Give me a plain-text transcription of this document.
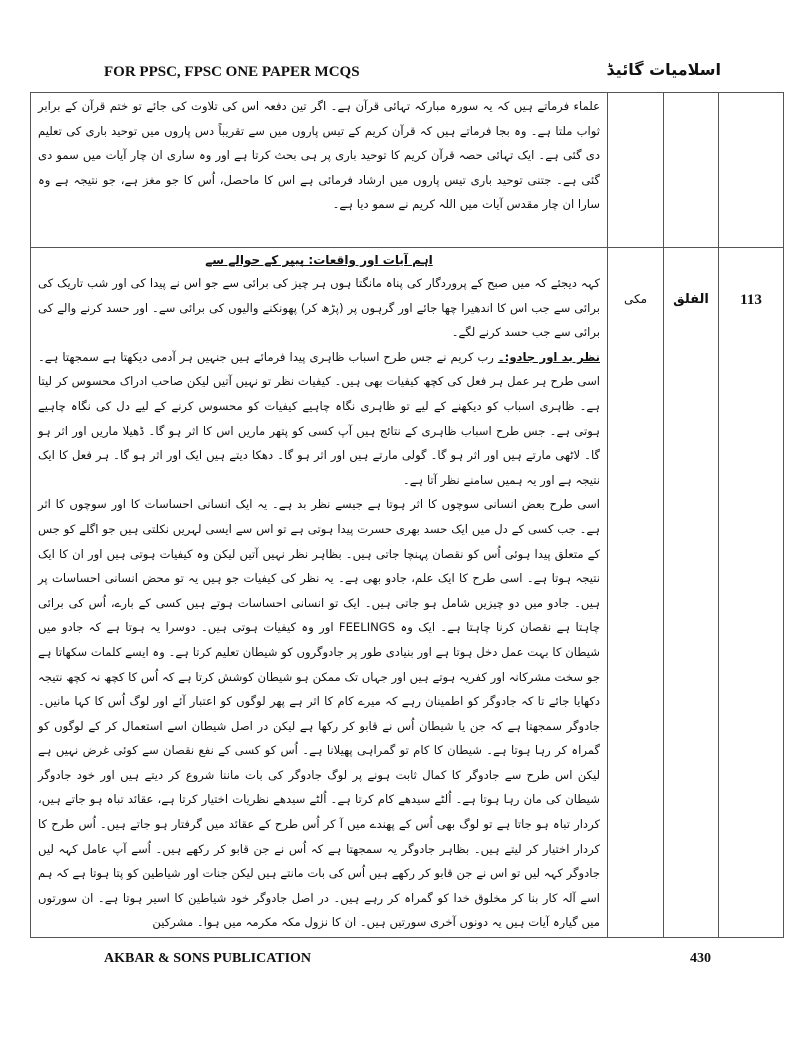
FOR PPSC, FPSC ONE PAPER MCQS	اسلامیات گائیڈ

			علماء فرماتے ہیں کہ یہ سورہ مبارکہ تہائی قرآن ہے۔ اگر تین دفعہ اس کی تلاوت کی جائے تو ختم قرآن کے برابر ثواب ملتا ہے۔ وہ بجا فرماتے ہیں کہ قرآن کریم کے تیس پاروں میں سے تقریباً دس پاروں میں توحید باری کی تعلیم دی گئی ہے۔ ایک تہائی حصہ قرآن کریم کا توحید باری پر ہی بحث کرتا ہے اور وہ ساری ان چار آیات میں سمو دی گئی ہے۔ جتنی توحید باری تیس پاروں میں ارشاد فرمائی ہے اس کا ماحصل، اُس کا جو مغز ہے، جو نتیجہ ہے وہ سارا ان چار مقدس آیات میں اللہ کریم نے سمو دیا ہے۔

113	الفلق	مکی	اہم آیات اور واقعات: پیپر کے حوالے سے

کہہ دیجئے کہ میں صبح کے پروردگار کی پناہ مانگتا ہوں ہر چیز کی برائی سے جو اس نے پیدا کی اور شب تاریک کی برائی سے جب اس کا اندھیرا چھا جائے اور گرہوں پر (پڑھ کر) پھونکنے والیوں کی برائی سے۔ اور حسد کرنے والے کی برائی سے جب حسد کرنے لگے۔

نظر بد اور جادو:۔ رب کریم نے جس طرح اسباب ظاہری پیدا فرمائے ہیں جنہیں ہر آدمی دیکھتا ہے سمجھتا ہے۔ اسی طرح ہر عمل ہر فعل کی کچھ کیفیات بھی ہیں۔ کیفیات نظر تو نہیں آتیں لیکن صاحب ادراک محسوس کر لیتا ہے۔ ظاہری اسباب کو دیکھنے کے لیے تو ظاہری نگاہ چاہیے کیفیات کو محسوس کرنے کے لیے دل کی نگاہ چاہیے ہوتی ہے۔ جس طرح اسباب ظاہری کے نتائج ہیں آپ کسی کو پتھر ماریں اس کا اثر ہو گا۔ ڈھیلا ماریں اور اثر ہو گا۔ لاٹھی مارتے ہیں اور اثر ہو گا۔ گولی مارتے ہیں اور اثر ہو گا۔ دھکا دیتے ہیں ایک اور اثر ہو گا۔ ہر فعل کا ایک نتیجہ ہے اور یہ ہمیں سامنے نظر آتا ہے۔

اسی طرح بعض انسانی سوچوں کا اثر ہوتا ہے جیسے نظر بد ہے۔ یہ ایک انسانی احساسات کا اور سوچوں کا اثر ہے۔ جب کسی کے دل میں ایک حسد بھری حسرت پیدا ہوتی ہے تو اس سے ایسی لہریں نکلتی ہیں جو اگلے کو جس کے متعلق پیدا ہوئی اُس کو نقصان پہنچا جاتی ہیں۔ بظاہر نظر نہیں آتیں لیکن وہ کیفیات ہوتی ہیں اور ان کا ایک نتیجہ ہوتا ہے۔ اسی طرح کا ایک علم، جادو بھی ہے۔ یہ نظر کی کیفیات جو ہیں یہ تو محض انسانی احساسات پر ہیں۔ جادو میں دو چیزیں شامل ہو جاتی ہیں۔ ایک تو انسانی احساسات ہوتے ہیں کسی کے بارے، اُس کی برائی چاہتا ہے نقصان کرنا چاہتا ہے۔ ایک وہ FEELINGS اور وہ کیفیات ہوتی ہیں۔ دوسرا یہ ہوتا ہے کہ جادو میں شیطان کا بہت عمل دخل ہوتا ہے اور بنیادی طور پر جادوگروں کو شیطان تعلیم کرتا ہے۔ وہ ایسے کلمات سکھاتا ہے جو سخت مشرکانہ اور کفریہ ہوتے ہیں اور جہاں تک ممکن ہو شیطان کوشش کرتا ہے کہ اُس کا کچھ نہ کچھ نتیجہ دکھایا جائے تا کہ جادوگر کو اطمینان رہے کہ میرے کام کا اثر ہے پھر لوگوں کو اعتبار آئے اور لوگ اُس کا کہا مانیں۔ جادوگر سمجھتا ہے کہ جن یا شیطان اُس نے قابو کر رکھا ہے لیکن در اصل شیطان اسے استعمال کر کے لوگوں کو گمراہ کر رہا ہوتا ہے۔ شیطان کا کام تو گمراہی پھیلانا ہے۔ اُس کو کسی کے نفع نقصان سے کوئی غرض نہیں ہے لیکن اس طرح سے جادوگر کا کمال ثابت ہونے پر لوگ جادوگر کی بات ماننا شروع کر دیتے ہیں اور خود جادوگر شیطان کی مان رہا ہوتا ہے۔ اُلٹے سیدھے کام کرتا ہے۔ اُلٹے سیدھے نظریات اختیار کرتا ہے، عقائد تباہ ہو جاتے ہیں، کردار تباہ ہو جاتا ہے تو لوگ بھی اُس کے پھندے میں آ کر اُس طرح کے عقائد میں گرفتار ہو جاتے ہیں۔ اُس طرح کا کردار اختیار کر لیتے ہیں۔ بظاہر جادوگر یہ سمجھتا ہے کہ اُس نے جن قابو کر رکھے ہیں۔ اُسے آپ عامل کہہ لیں جادوگر کہہ لیں تو اس نے جن قابو کر رکھے ہیں اُس کی بات مانتے ہیں لیکن جنات اور شیاطین کو پتا ہوتا ہے کہ ہم اسے آلہ کار بنا کر مخلوق خدا کو گمراہ کر رہے ہیں۔ در اصل جادوگر خود شیاطین کا اسیر ہوتا ہے۔ ان سورتوں میں گیارہ آیات ہیں یہ دونوں آخری سورتیں ہیں۔ ان کا نزول مکہ مکرمہ میں ہوا۔ مشرکین

AKBAR & SONS PUBLICATION	430
